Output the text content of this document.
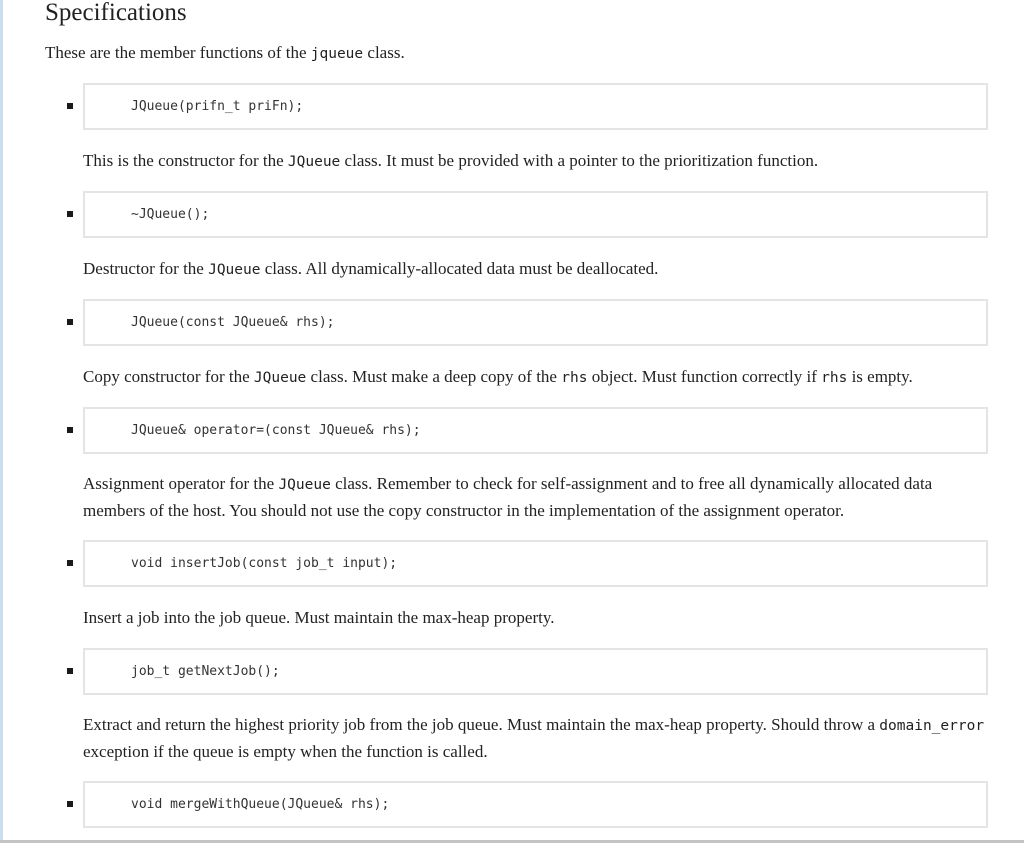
Specifications

These are the member functions of the jqueue class.

JQueue(prifn_t priFn);

This is the constructor for the JQueue class. It must be provided with a pointer to the prioritization function.

~JQueue();

Destructor for the JQueue class. All dynamically-allocated data must be deallocated.

JQueue(const JQueue& rhs);

Copy constructor for the JQueue class. Must make a deep copy of the rhs object. Must function correctly if rhs is empty.

JQueue& operator=(const JQueue& rhs);

Assignment operator for the JQueue class. Remember to check for self-assignment and to free all dynamically allocated data members of the host. You should not use the copy constructor in the implementation of the assignment operator.

void insertJob(const job_t input);

Insert a job into the job queue. Must maintain the max-heap property.

job_t getNextJob();

Extract and return the highest priority job from the job queue. Must maintain the max-heap property. Should throw a domain_error exception if the queue is empty when the function is called.

void mergeWithQueue(JQueue& rhs);
